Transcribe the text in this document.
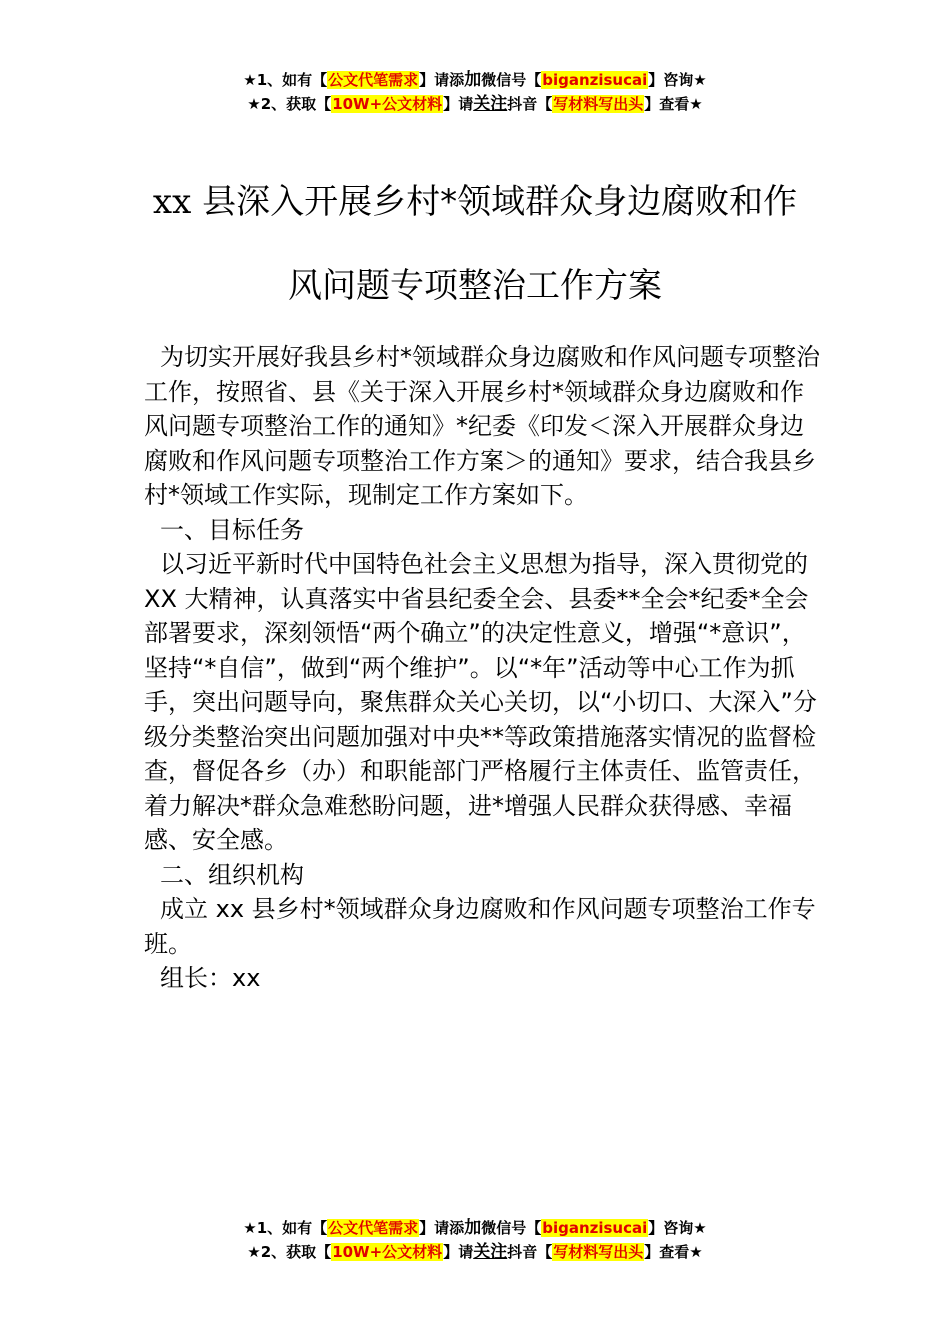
★1、如有【公文代笔需求】请添加微信号【biganzisucai】咨询★
★2、获取【10W+公文材料】请关注抖音【写材料写出头】查看★
xx 县深入开展乡村*领域群众身边腐败和作
风问题专项整治工作方案

为切实开展好我县乡村*领域群众身边腐败和作风问题专项整治工作，按照省、县《关于深入开展乡村*领域群众身边腐败和作风问题专项整治工作的通知》*纪委《印发＜深入开展群众身边腐败和作风问题专项整治工作方案＞的通知》要求，结合我县乡村*领域工作实际，现制定工作方案如下。

一、目标任务

以习近平新时代中国特色社会主义思想为指导，深入贯彻党的 XX 大精神，认真落实中省县纪委全会、县委**全会*纪委*全会部署要求，深刻领悟“两个确立”的决定性意义，增强“*意识”，坚持“*自信”，做到“两个维护”。以“*年”活动等中心工作为抓手，突出问题导向，聚焦群众关心关切，以“小切口、大深入”分级分类整治突出问题加强对中央**等政策措施落实情况的监督检查，督促各乡（办）和职能部门严格履行主体责任、监管责任，着力解决*群众急难愁盼问题，进*增强人民群众获得感、幸福感、安全感。

二、组织机构

成立 xx 县乡村*领域群众身边腐败和作风问题专项整治工作专班。

组长：xx

★1、如有【公文代笔需求】请添加微信号【biganzisucai】咨询★
★2、获取【10W+公文材料】请关注抖音【写材料写出头】查看★
